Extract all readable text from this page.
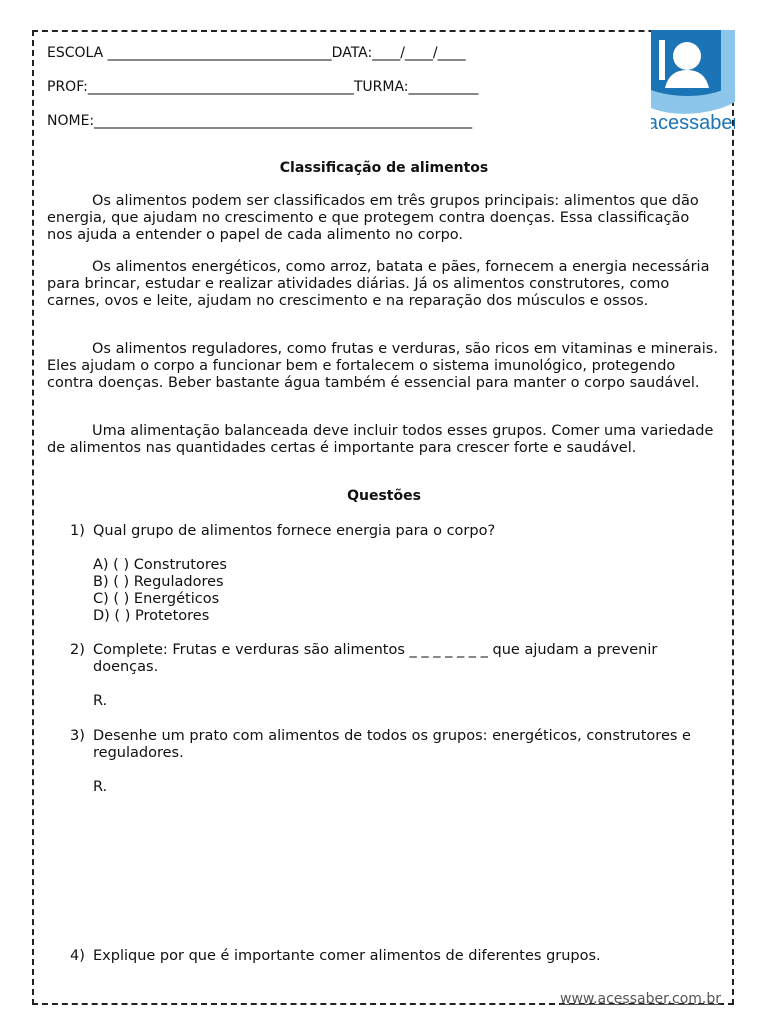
ESCOLA ________________________________DATA:____/____/____
PROF:______________________________________TURMA:__________
NOME:______________________________________________________	acessaber
Classificação de alimentos

Os alimentos podem ser classificados em três grupos principais: alimentos que dão energia, que ajudam no crescimento e que protegem contra doenças. Essa classificação nos ajuda a entender o papel de cada alimento no corpo.

Os alimentos energéticos, como arroz, batata e pães, fornecem a energia necessária para brincar, estudar e realizar atividades diárias. Já os alimentos construtores, como carnes, ovos e leite, ajudam no crescimento e na reparação dos músculos e ossos.

Os alimentos reguladores, como frutas e verduras, são ricos em vitaminas e minerais. Eles ajudam o corpo a funcionar bem e fortalecem o sistema imunológico, protegendo contra doenças. Beber bastante água também é essencial para manter o corpo saudável.

Uma alimentação balanceada deve incluir todos esses grupos. Comer uma variedade de alimentos nas quantidades certas é importante para crescer forte e saudável.

Questões
1) Qual grupo de alimentos fornece energia para o corpo?
A) ( ) Construtores
B) ( ) Reguladores
C) ( ) Energéticos
D) ( ) Protetores
2) Complete: Frutas e verduras são alimentos _ _ _ _ _ _ _ que ajudam a prevenir doenças.
R.
3) Desenhe um prato com alimentos de todos os grupos: energéticos, construtores e reguladores.
R.
4) Explique por que é importante comer alimentos de diferentes grupos.
www.acessaber.com.br
